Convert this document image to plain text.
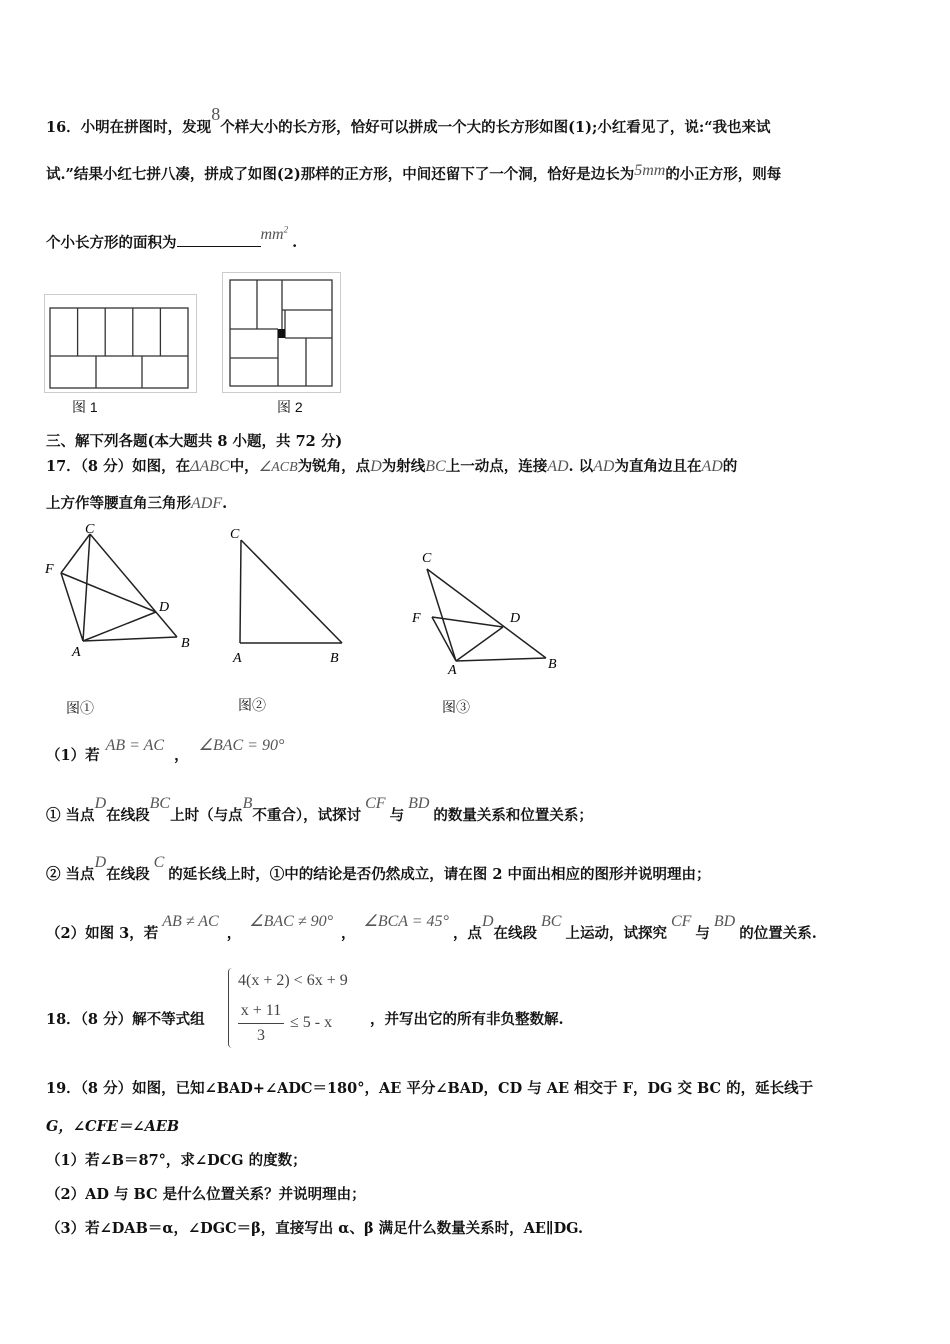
16．小明在拼图时，发现8个样大小的长方形，恰好可以拼成一个大的长方形如图(1);小红看见了，说:“我也来试
试.”结果小红七拼八凑，拼成了如图(2)那样的正方形，中间还留下了一个洞，恰好是边长为5mm的小正方形，则每
个小长方形的面积为	$mm^2$.
图 1	图 2
三、解下列各题(本大题共 8 小题，共 72 分)
17．（8 分）如图，在ΔABC中，∠ACB为锐角，点D为射线BC上一动点，连接AD. 以AD为直角边且在AD的
上方作等腰直角三角形ADF.
C
F
D
A
B
图①
C
A	B
图②
C
F	D
A	B
图③
（1）若AB = AC，∠BAC = 90°
① 当点D在线段BC上时（与点B不重合），试探讨CF与BD的数量关系和位置关系；
② 当点D在线段C的延长线上时，①中的结论是否仍然成立，请在图 2 中面出相应的图形并说明理由；
（2）如图 3，若AB ≠ AC，∠BAC ≠ 90°，∠BCA = 45°，点D在线段BC上运动，试探究CF与BD的位置关系.
18．（8 分）解不等式组
4(x + 2) < 6x + 9
x + 11
3
≤ 5 - x	，并写出它的所有非负整数解.
19．（8 分）如图，已知∠BAD+∠ADC＝180°，AE 平分∠BAD，CD 与 AE 相交于 F，DG 交 BC 的，延长线于
G，∠CFE＝∠AEB
（1）若∠B＝87°，求∠DCG 的度数；
（2）AD 与 BC 是什么位置关系？并说明理由；
（3）若∠DAB＝α，∠DGC＝β，直接写出 α、β 满足什么数量关系时，AE∥DG.
